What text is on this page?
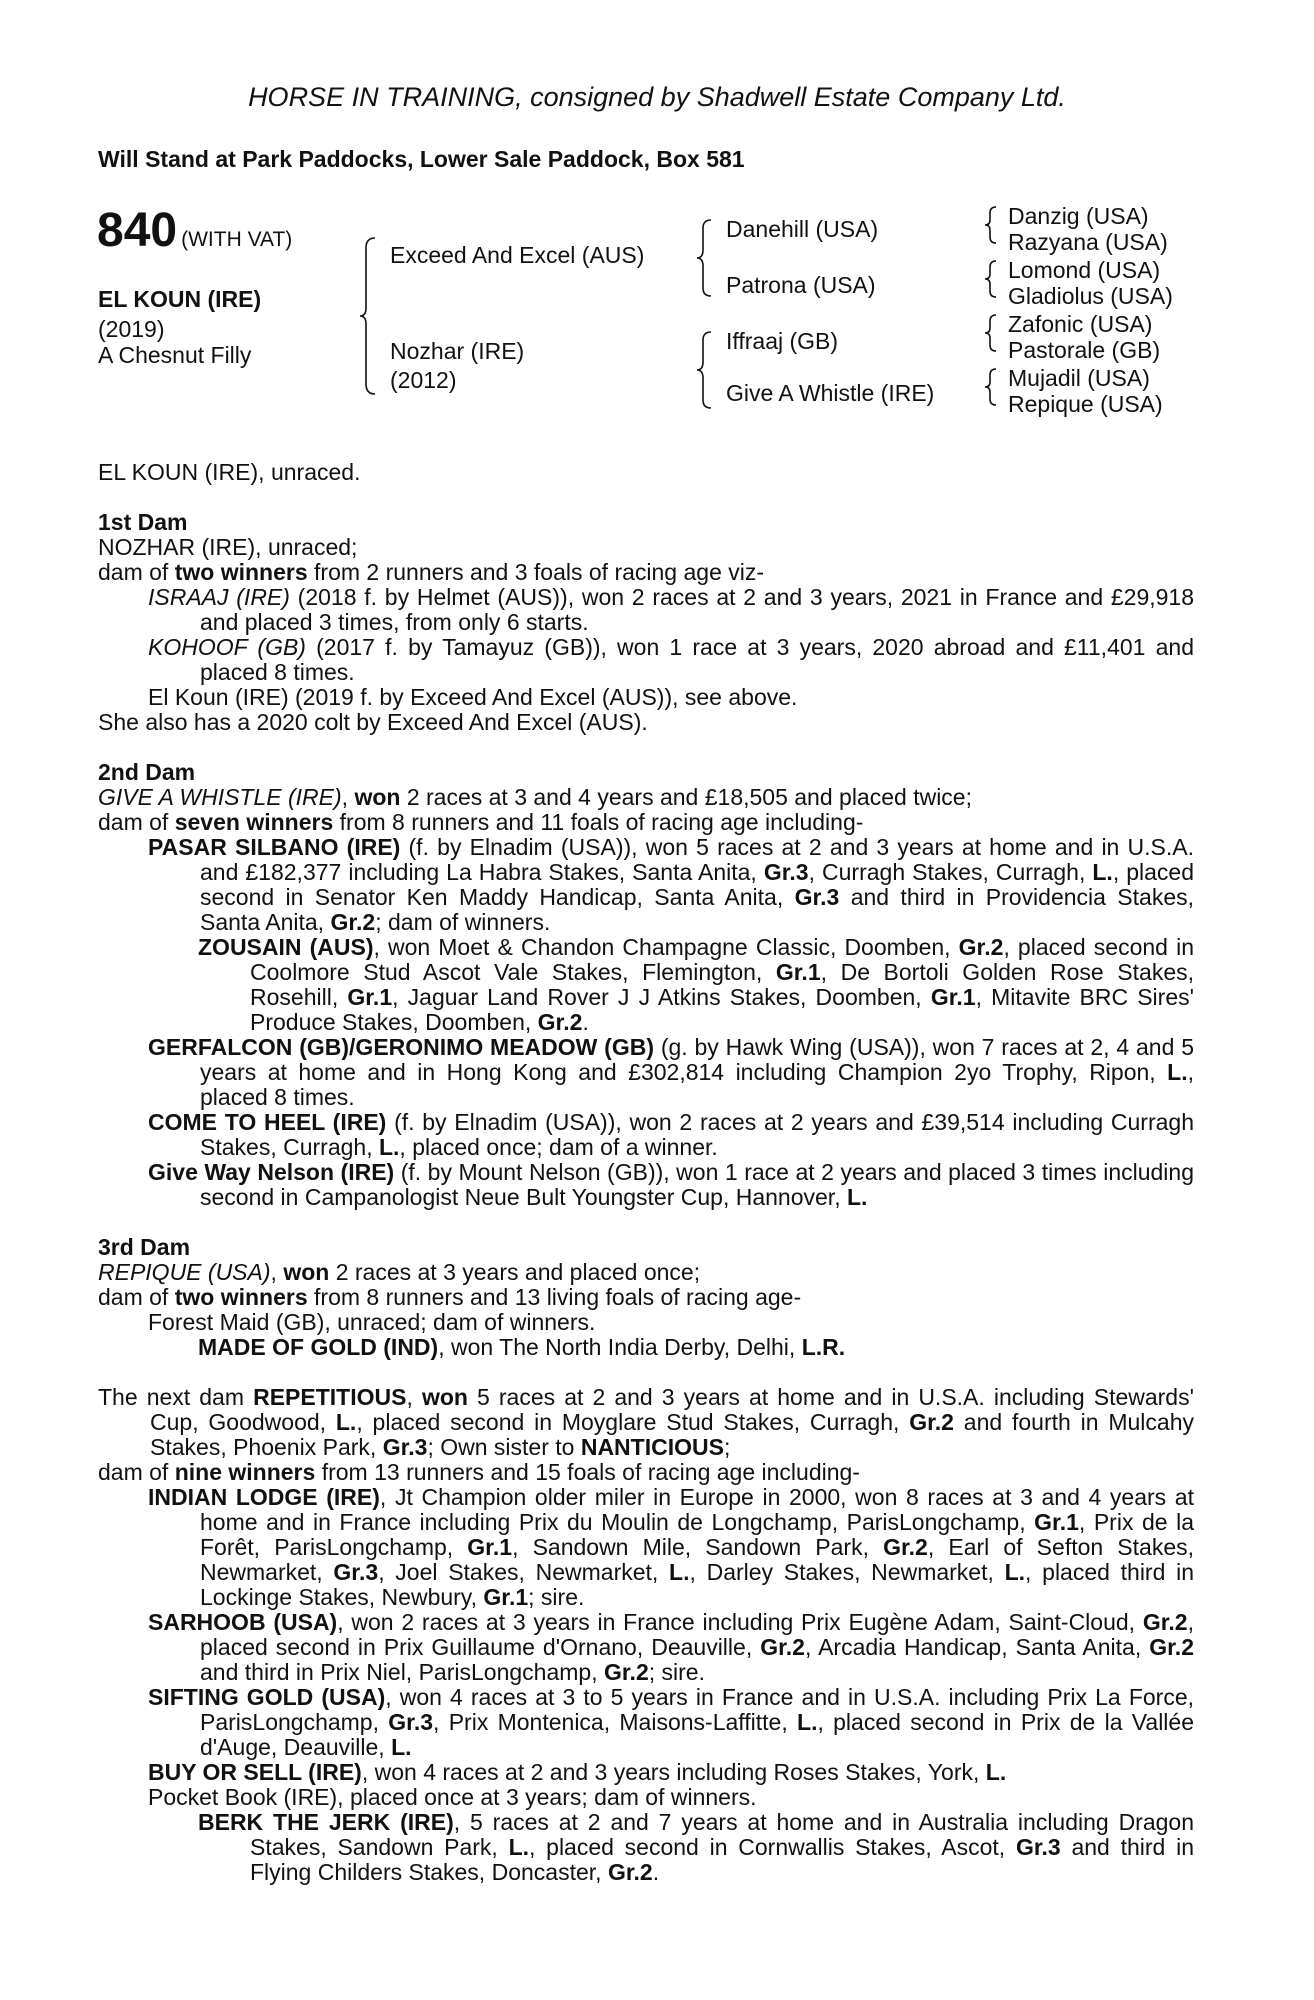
HORSE IN TRAINING, consigned by Shadwell Estate Company Ltd.
Will Stand at Park Paddocks, Lower Sale Paddock, Box 581
840 (WITH VAT)
EL KOUN (IRE)
(2019)
A Chesnut Filly
Exceed And Excel (AUS)
Nozhar (IRE)
(2012)
Danehill (USA)
Patrona (USA)
Iffraaj (GB)
Give A Whistle (IRE)
Danzig (USA)
Razyana (USA)
Lomond (USA)
Gladiolus (USA)
Zafonic (USA)
Pastorale (GB)
Mujadil (USA)
Repique (USA)

EL KOUN (IRE), unraced.

1st Dam

NOZHAR (IRE), unraced;

dam of two winners from 2 runners and 3 foals of racing age viz-

ISRAAJ (IRE) (2018 f. by Helmet (AUS)), won 2 races at 2 and 3 years, 2021 in France and £29,918 and placed 3 times, from only 6 starts.

KOHOOF (GB) (2017 f. by Tamayuz (GB)), won 1 race at 3 years, 2020 abroad and £11,401 and placed 8 times.

El Koun (IRE) (2019 f. by Exceed And Excel (AUS)), see above.

She also has a 2020 colt by Exceed And Excel (AUS).

2nd Dam

GIVE A WHISTLE (IRE), won 2 races at 3 and 4 years and £18,505 and placed twice;

dam of seven winners from 8 runners and 11 foals of racing age including-

PASAR SILBANO (IRE) (f. by Elnadim (USA)), won 5 races at 2 and 3 years at home and in U.S.A. and £182,377 including La Habra Stakes, Santa Anita, Gr.3, Curragh Stakes, Curragh, L., placed second in Senator Ken Maddy Handicap, Santa Anita, Gr.3 and third in Providencia Stakes, Santa Anita, Gr.2; dam of winners.

ZOUSAIN (AUS), won Moet & Chandon Champagne Classic, Doomben, Gr.2, placed second in Coolmore Stud Ascot Vale Stakes, Flemington, Gr.1, De Bortoli Golden Rose Stakes, Rosehill, Gr.1, Jaguar Land Rover J J Atkins Stakes, Doomben, Gr.1, Mitavite BRC Sires' Produce Stakes, Doomben, Gr.2.

GERFALCON (GB)/GERONIMO MEADOW (GB) (g. by Hawk Wing (USA)), won 7 races at 2, 4 and 5 years at home and in Hong Kong and £302,814 including Champion 2yo Trophy, Ripon, L., placed 8 times.

COME TO HEEL (IRE) (f. by Elnadim (USA)), won 2 races at 2 years and £39,514 including Curragh Stakes, Curragh, L., placed once; dam of a winner.

Give Way Nelson (IRE) (f. by Mount Nelson (GB)), won 1 race at 2 years and placed 3 times including second in Campanologist Neue Bult Youngster Cup, Hannover, L.

3rd Dam

REPIQUE (USA), won 2 races at 3 years and placed once;

dam of two winners from 8 runners and 13 living foals of racing age-

Forest Maid (GB), unraced; dam of winners.

MADE OF GOLD (IND), won The North India Derby, Delhi, L.R.

The next dam REPETITIOUS, won 5 races at 2 and 3 years at home and in U.S.A. including Stewards' Cup, Goodwood, L., placed second in Moyglare Stud Stakes, Curragh, Gr.2 and fourth in Mulcahy Stakes, Phoenix Park, Gr.3; Own sister to NANTICIOUS;

dam of nine winners from 13 runners and 15 foals of racing age including-

INDIAN LODGE (IRE), Jt Champion older miler in Europe in 2000, won 8 races at 3 and 4 years at home and in France including Prix du Moulin de Longchamp, ParisLongchamp, Gr.1, Prix de la Forêt, ParisLongchamp, Gr.1, Sandown Mile, Sandown Park, Gr.2, Earl of Sefton Stakes, Newmarket, Gr.3, Joel Stakes, Newmarket, L., Darley Stakes, Newmarket, L., placed third in Lockinge Stakes, Newbury, Gr.1; sire.

SARHOOB (USA), won 2 races at 3 years in France including Prix Eugène Adam, Saint-Cloud, Gr.2, placed second in Prix Guillaume d'Ornano, Deauville, Gr.2, Arcadia Handicap, Santa Anita, Gr.2 and third in Prix Niel, ParisLongchamp, Gr.2; sire.

SIFTING GOLD (USA), won 4 races at 3 to 5 years in France and in U.S.A. including Prix La Force, ParisLongchamp, Gr.3, Prix Montenica, Maisons-Laffitte, L., placed second in Prix de la Vallée d'Auge, Deauville, L.

BUY OR SELL (IRE), won 4 races at 2 and 3 years including Roses Stakes, York, L.

Pocket Book (IRE), placed once at 3 years; dam of winners.

BERK THE JERK (IRE), 5 races at 2 and 7 years at home and in Australia including Dragon Stakes, Sandown Park, L., placed second in Cornwallis Stakes, Ascot, Gr.3 and third in Flying Childers Stakes, Doncaster, Gr.2.
